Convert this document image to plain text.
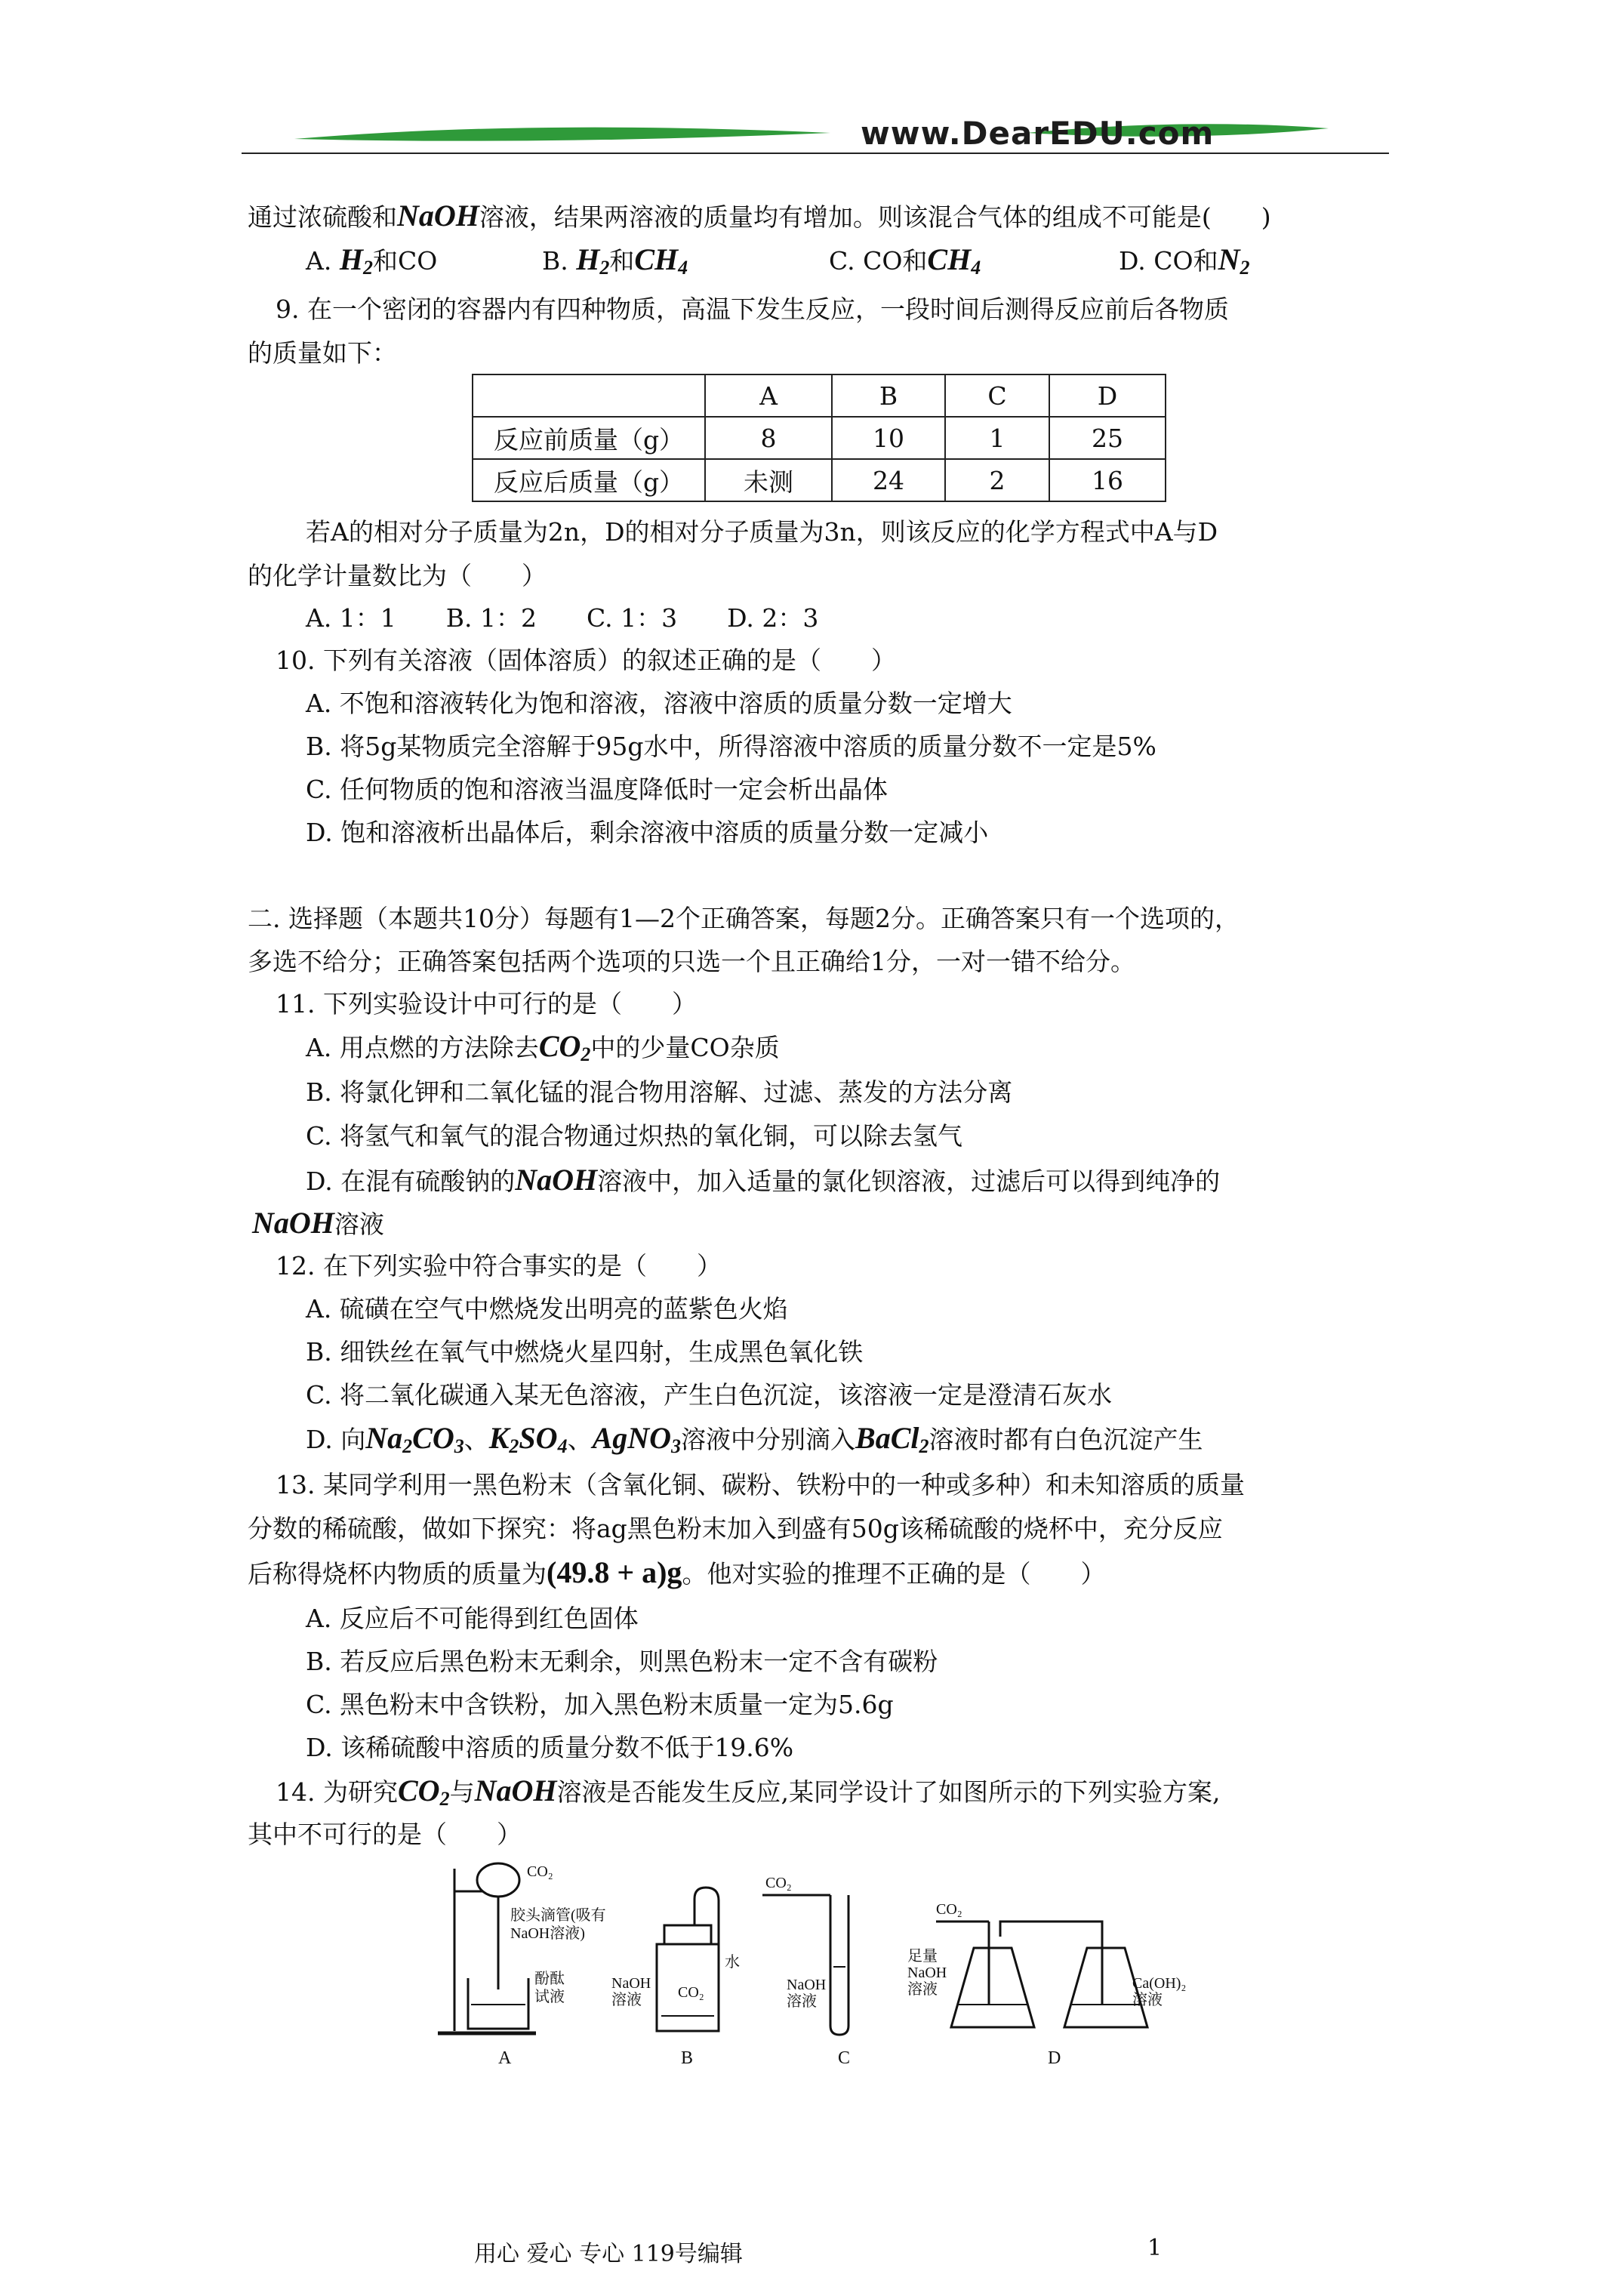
www.DearEDU.com
通过浓硫酸和NaOH溶液，结果两溶液的质量均有增加。则该混合气体的组成不可能是(　　)
A. $H_2$和CO	B. $H_2$和$CH_4$	C. CO和$CH_4$	D. CO和$N_2$
9. 在一个密闭的容器内有四种物质，高温下发生反应，一段时间后测得反应前后各物质
的质量如下：
	A	B	C	D
反应前质量（g）	8	10	1	25
反应后质量（g）	未测	24	2	16
若A的相对分子质量为2n，D的相对分子质量为3n，则该反应的化学方程式中A与D
的化学计量数比为（　　）
A. 1：1　　B. 1：2　　C. 1：3　　D. 2：3
10. 下列有关溶液（固体溶质）的叙述正确的是（　　）
A. 不饱和溶液转化为饱和溶液，溶液中溶质的质量分数一定增大
B. 将5g某物质完全溶解于95g水中，所得溶液中溶质的质量分数不一定是5%
C. 任何物质的饱和溶液当温度降低时一定会析出晶体
D. 饱和溶液析出晶体后，剩余溶液中溶质的质量分数一定减小
二. 选择题（本题共10分）每题有1—2个正确答案，每题2分。正确答案只有一个选项的，
多选不给分；正确答案包括两个选项的只选一个且正确给1分，一对一错不给分。
11. 下列实验设计中可行的是（　　）
A. 用点燃的方法除去$CO_2$中的少量CO杂质
B. 将氯化钾和二氧化锰的混合物用溶解、过滤、蒸发的方法分离
C. 将氢气和氧气的混合物通过炽热的氧化铜，可以除去氢气
D. 在混有硫酸钠的NaOH溶液中，加入适量的氯化钡溶液，过滤后可以得到纯净的
NaOH溶液
12. 在下列实验中符合事实的是（　　）
A. 硫磺在空气中燃烧发出明亮的蓝紫色火焰
B. 细铁丝在氧气中燃烧火星四射，生成黑色氧化铁
C. 将二氧化碳通入某无色溶液，产生白色沉淀，该溶液一定是澄清石灰水
D. 向$Na_2CO_3$、$K_2SO_4$、AgNO$_3$溶液中分别滴入BaCl$_2$溶液时都有白色沉淀产生
13. 某同学利用一黑色粉末（含氧化铜、碳粉、铁粉中的一种或多种）和未知溶质的质量
分数的稀硫酸，做如下探究：将ag黑色粉末加入到盛有50g该稀硫酸的烧杯中，充分反应
后称得烧杯内物质的质量为(49.8 + a)g。他对实验的推理不正确的是（　　）
A. 反应后不可能得到红色固体
B. 若反应后黑色粉末无剩余，则黑色粉末一定不含有碳粉
C. 黑色粉末中含铁粉，加入黑色粉末质量一定为5.6g
D. 该稀硫酸中溶质的质量分数不低于19.6%
14. 为研究$CO_2$与NaOH溶液是否能发生反应,某同学设计了如图所示的下列实验方案,
其中不可行的是（　　）
CO₂
胶头滴管(吸有
NaOH溶液)
酚酞
试液
A
NaOH
溶液 CO₂
水
B
CO₂
NaOH
溶液
C
CO₂
足量
NaOH
溶液	Ca(OH)₂
溶液
D
用心 爱心 专心 119号编辑	1
